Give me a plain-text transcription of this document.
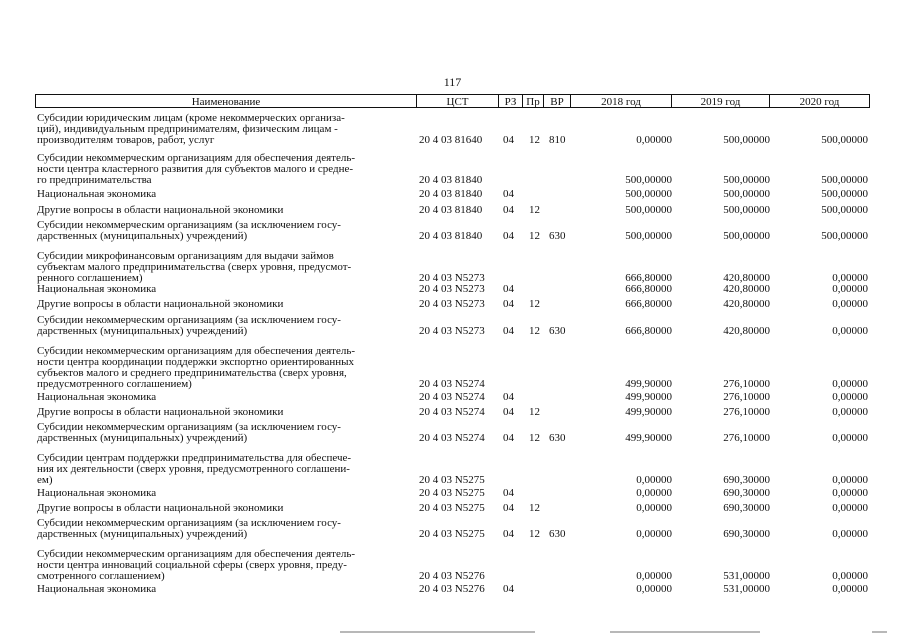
117
Наименование	ЦСТ	РЗ Пр ВР	2018 год	2019 год	2020 год
Субсидии юридическим лицам (кроме некоммерческих организа-
ций), индивидуальным предпринимателям, физическим лицам -
производителям товаров, работ, услуг	20 4 03 81640 04 12 810	0,00000	500,00000	500,00000
Субсидии некоммерческим организациям для обеспечения деятель-
ности центра кластерного развития для субъектов малого и средне-
го предпринимательства	20 4 03 81840	500,00000	500,00000	500,00000
Национальная экономика	20 4 03 81840 04	500,00000	500,00000	500,00000
Другие вопросы в области национальной экономики	20 4 03 81840 04 12	500,00000	500,00000	500,00000
Субсидии некоммерческим организациям (за исключением госу-
дарственных (муниципальных) учреждений)	20 4 03 81840 04 12 630	500,00000	500,00000	500,00000
Субсидии микрофинансовым организациям для выдачи займов
субъектам малого предпринимательства (сверх уровня, предусмот-
ренного соглашением)	20 4 03 N5273	666,80000	420,80000	0,00000
Национальная экономика	20 4 03 N5273 04	666,80000	420,80000	0,00000
Другие вопросы в области национальной экономики	20 4 03 N5273 04 12	666,80000	420,80000	0,00000
Субсидии некоммерческим организациям (за исключением госу-
дарственных (муниципальных) учреждений)	20 4 03 N5273 04 12 630	666,80000	420,80000	0,00000
Субсидии некоммерческим организациям для обеспечения деятель-
ности центра координации поддержки экспортно ориентированных
субъектов малого и среднего предпринимательства (сверх уровня,
предусмотренного соглашением)	20 4 03 N5274	499,90000	276,10000	0,00000
Национальная экономика	20 4 03 N5274 04	499,90000	276,10000	0,00000
Другие вопросы в области национальной экономики	20 4 03 N5274 04 12	499,90000	276,10000	0,00000
Субсидии некоммерческим организациям (за исключением госу-
дарственных (муниципальных) учреждений)	20 4 03 N5274 04 12 630	499,90000	276,10000	0,00000
Субсидии центрам поддержки предпринимательства для обеспече-
ния их деятельности (сверх уровня, предусмотренного соглашени-
ем)	20 4 03 N5275	0,00000	690,30000	0,00000
Национальная экономика	20 4 03 N5275 04	0,00000	690,30000	0,00000
Другие вопросы в области национальной экономики	20 4 03 N5275 04 12	0,00000	690,30000	0,00000
Субсидии некоммерческим организациям (за исключением госу-
дарственных (муниципальных) учреждений)	20 4 03 N5275 04 12 630	0,00000	690,30000	0,00000
Субсидии некоммерческим организациям для обеспечения деятель-
ности центра инноваций социальной сферы (сверх уровня, преду-
смотренного соглашением)	20 4 03 N5276	0,00000	531,00000	0,00000
Национальная экономика	20 4 03 N5276 04	0,00000	531,00000	0,00000
